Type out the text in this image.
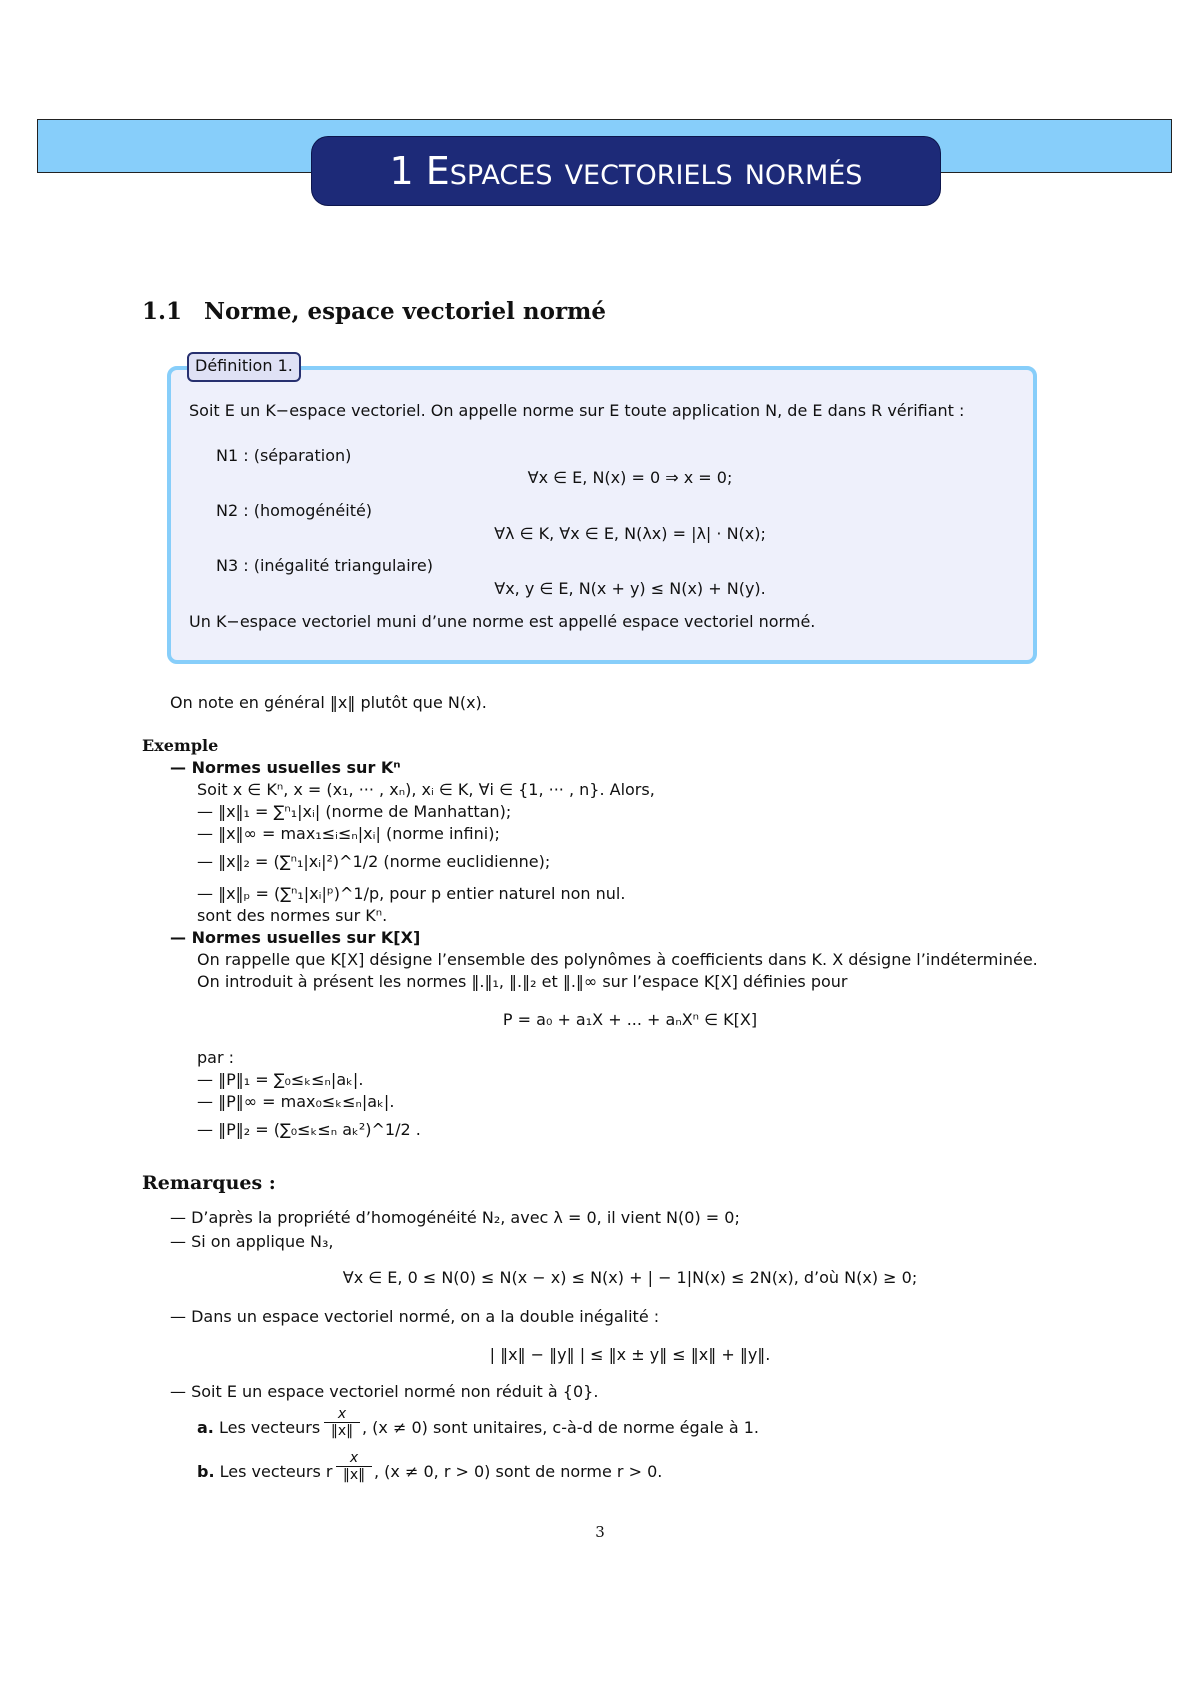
1 Espaces vectoriels normés
1.1 Norme, espace vectoriel normé
Définition 1.
Soit E un K−espace vectoriel. On appelle norme sur E toute application N, de E dans R vérifiant :
N1 : (séparation)
∀x ∈ E, N(x) = 0 ⇒ x = 0;
N2 : (homogénéité)
∀λ ∈ K, ∀x ∈ E, N(λx) = |λ| · N(x);
N3 : (inégalité triangulaire)
∀x, y ∈ E, N(x + y) ≤ N(x) + N(y).
Un K−espace vectoriel muni d’une norme est appellé espace vectoriel normé.
On note en général ‖x‖ plutôt que N(x).
Exemple
— Normes usuelles sur Kⁿ
Soit x ∈ Kⁿ, x = (x₁, ··· , xₙ), xᵢ ∈ K, ∀i ∈ {1, ··· , n}. Alors,
— ‖x‖₁ = ∑ⁿ₁|xᵢ| (norme de Manhattan);
— ‖x‖∞ = max₁≤ᵢ≤ₙ|xᵢ| (norme infini);
— ‖x‖₂ = (∑ⁿ₁|xᵢ|²)^1/2 (norme euclidienne);
— ‖x‖ₚ = (∑ⁿ₁|xᵢ|ᵖ)^1/p, pour p entier naturel non nul.
sont des normes sur Kⁿ.
— Normes usuelles sur K[X]
On rappelle que K[X] désigne l’ensemble des polynômes à coefficients dans K. X désigne l’indéterminée.
On introduit à présent les normes ‖.‖₁, ‖.‖₂ et ‖.‖∞ sur l’espace K[X] définies pour
P = a₀ + a₁X + ... + aₙXⁿ ∈ K[X]
par :
— ‖P‖₁ = ∑₀≤ₖ≤ₙ|aₖ|.
— ‖P‖∞ = max₀≤ₖ≤ₙ|aₖ|.
— ‖P‖₂ = (∑₀≤ₖ≤ₙ aₖ²)^1/2 .
Remarques :
— D’après la propriété d’homogénéité N₂, avec λ = 0, il vient N(0) = 0;
— Si on applique N₃,
∀x ∈ E, 0 ≤ N(0) ≤ N(x − x) ≤ N(x) + | − 1|N(x) ≤ 2N(x), d’où N(x) ≥ 0;
— Dans un espace vectoriel normé, on a la double inégalité :
| ‖x‖ − ‖y‖ | ≤ ‖x ± y‖ ≤ ‖x‖ + ‖y‖.
— Soit E un espace vectoriel normé non réduit à {0}.
a. Les vecteurs $\frac{x}{‖x‖}$ , (x ≠ 0) sont unitaires, c-à-d de norme égale à 1.
b. Les vecteurs r $\frac{x}{‖x‖}$ , (x ≠ 0, r > 0) sont de norme r > 0.
3
